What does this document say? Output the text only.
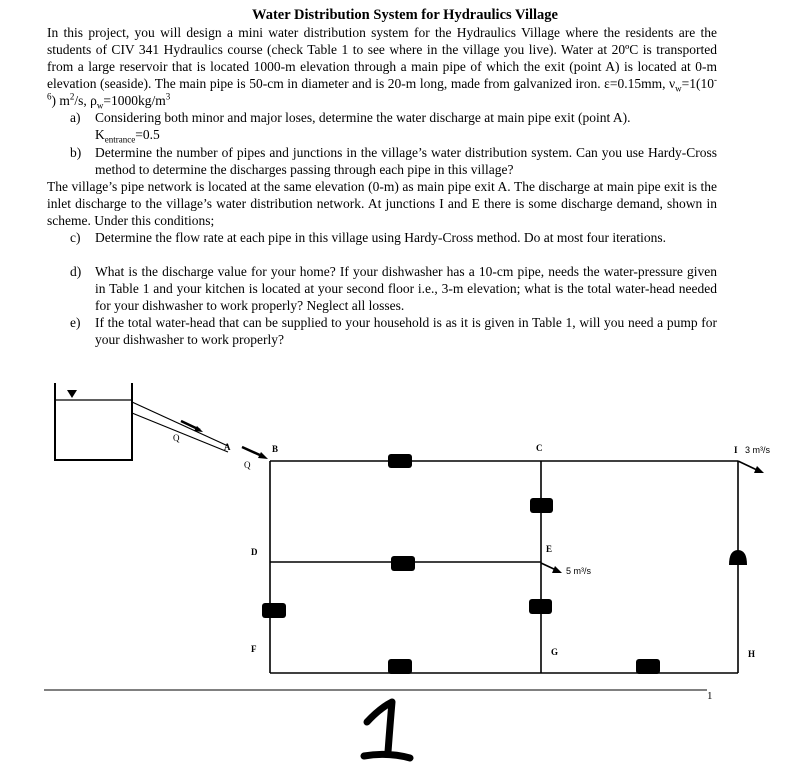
Water Distribution System for Hydraulics Village
In this project, you will design a mini water distribution system for the Hydraulics Village where the residents are the students of CIV 341 Hydraulics course (check Table 1 to see where in the village you live). Water at 20ºC is transported from a large reservoir that is located 1000-m elevation through a main pipe of which the exit (point A) is located at 0-m elevation (seaside). The main pipe is 50-cm in diameter and is 20-m long, made from galvanized iron. ε=0.15mm, $\nu_w=1(10^{-6})$ $m^2/s$, $\rho_w=1000kg/m^3$
a) Considering both minor and major loses, determine the water discharge at main pipe exit (point A).
$K_{entrance}=0.5$
b) Determine the number of pipes and junctions in the village’s water distribution system. Can you use Hardy-Cross method to determine the discharges passing through each pipe in this village?
The village’s pipe network is located at the same elevation (0-m) as main pipe exit A. The discharge at main pipe exit is the inlet discharge to the village’s water distribution network. At junctions I and E there is some discharge demand, shown in scheme. Under this conditions;
c) Determine the flow rate at each pipe in this village using Hardy-Cross method. Do at most four iterations.
d) What is the discharge value for your home? If your dishwasher has a 10-cm pipe, needs the water-pressure given in Table 1 and your kitchen is located at your second floor i.e., 3-m elevation; what is the total water-head needed for your dishwasher to work properly? Neglect all losses.
e) If the total water-head that can be supplied to your household is as it is given in Table 1, will you need a pump for your dishwasher to work properly?
Q
A
Q
B	C
D	E
F	G	H
I 3 m³/s
5 m³/s
1
